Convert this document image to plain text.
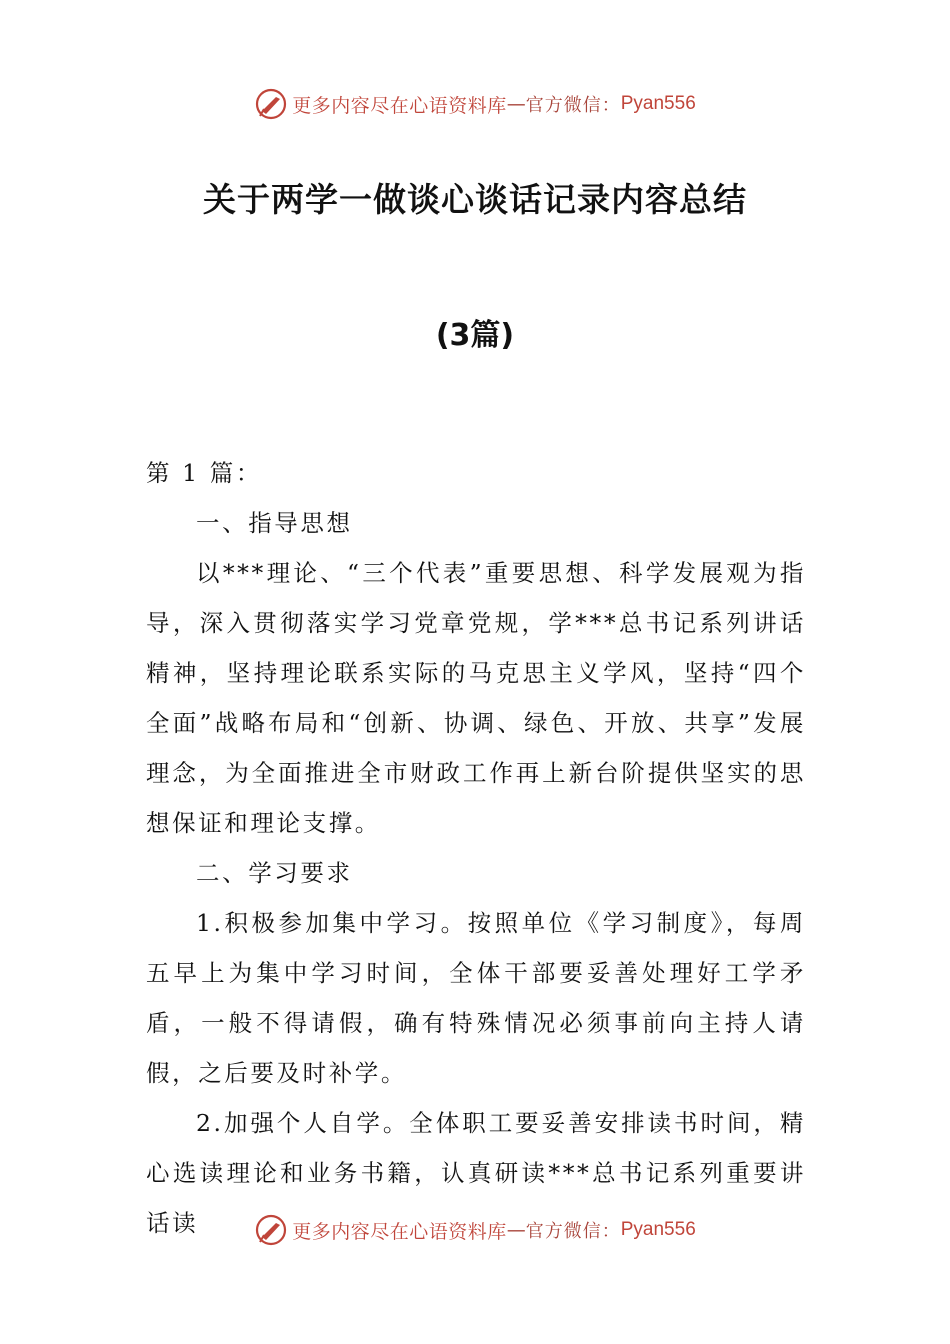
更多内容尽在心语资料库 — 官方微信： Pyan556
关于两学一做谈心谈话记录内容总结
(3篇)

第 1 篇：

一、指导思想

以***理论、“三个代表”重要思想、科学发展观为指导，深入贯彻落实学习党章党规，学***总书记系列讲话精神，坚持理论联系实际的马克思主义学风，坚持“四个全面”战略布局和“创新、协调、绿色、开放、共享”发展理念，为全面推进全市财政工作再上新台阶提供坚实的思想保证和理论支撑。

二、学习要求

1.积极参加集中学习。按照单位《学习制度》，每周五早上为集中学习时间，全体干部要妥善处理好工学矛盾，一般不得请假，确有特殊情况必须事前向主持人请假，之后要及时补学。

2.加强个人自学。全体职工要妥善安排读书时间，精心选读理论和业务书籍，认真研读***总书记系列重要讲话读	更多内容尽在心语资料库 — 官方微信： Pyan556
